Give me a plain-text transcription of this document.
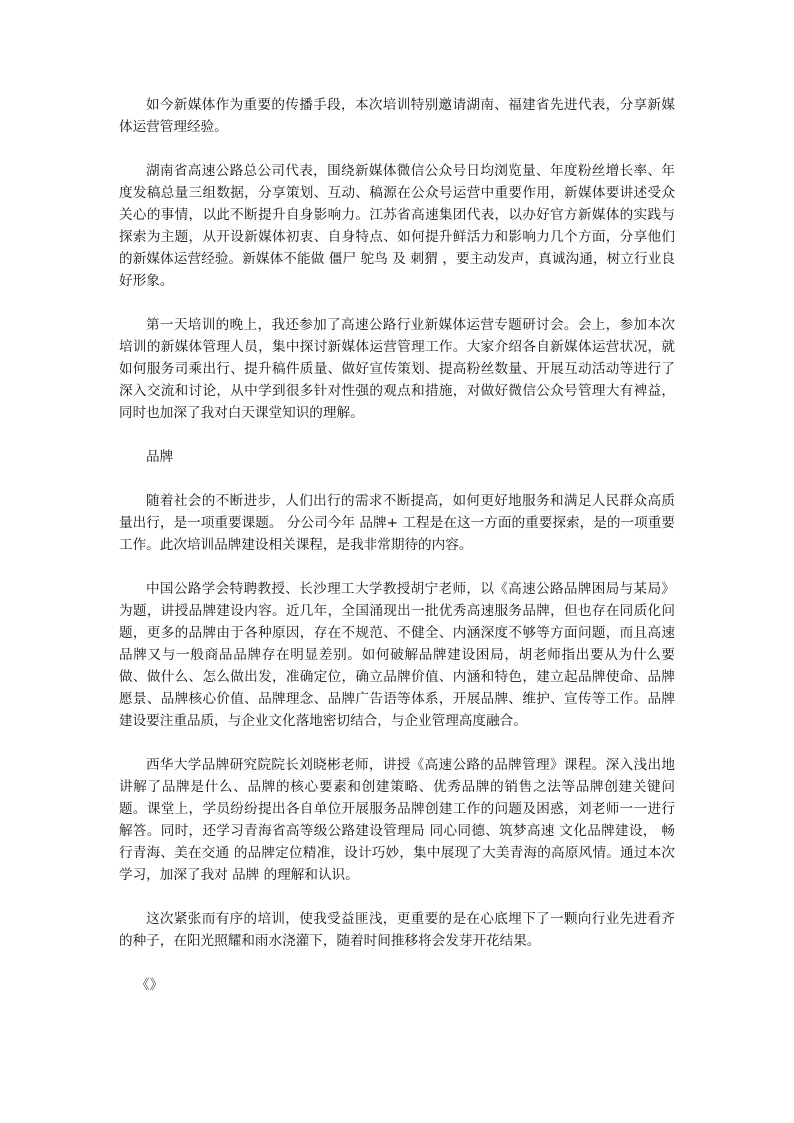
如今新媒体作为重要的传播手段，本次培训特别邀请湖南、福建省先进代表，分享新媒体运营管理经验。

湖南省高速公路总公司代表，围绕新媒体微信公众号日均浏览量、年度粉丝增长率、年度发稿总量三组数据，分享策划、互动、稿源在公众号运营中重要作用，新媒体要讲述受众关心的事情，以此不断提升自身影响力。江苏省高速集团代表，以办好官方新媒体的实践与探索为主题，从开设新媒体初衷、自身特点、如何提升鲜活力和影响力几个方面，分享他们的新媒体运营经验。新媒体不能做 僵尸 鸵鸟 及 刺猬 ，要主动发声，真诚沟通，树立行业良好形象。

第一天培训的晚上，我还参加了高速公路行业新媒体运营专题研讨会。会上，参加本次培训的新媒体管理人员，集中探讨新媒体运营管理工作。大家介绍各自新媒体运营状况，就如何服务司乘出行、提升稿件质量、做好宣传策划、提高粉丝数量、开展互动活动等进行了深入交流和讨论，从中学到很多针对性强的观点和措施，对做好微信公众号管理大有裨益，同时也加深了我对白天课堂知识的理解。

品牌

随着社会的不断进步，人们出行的需求不断提高，如何更好地服务和满足人民群众高质量出行，是一项重要课题。 分公司今年 品牌+ 工程是在这一方面的重要探索，是的一项重要工作。此次培训品牌建设相关课程，是我非常期待的内容。

中国公路学会特聘教授、长沙理工大学教授胡宁老师，以《高速公路品牌困局与某局》为题，讲授品牌建设内容。近几年，全国涌现出一批优秀高速服务品牌，但也存在同质化问题，更多的品牌由于各种原因，存在不规范、不健全、内涵深度不够等方面问题，而且高速品牌又与一般商品品牌存在明显差别。如何破解品牌建设困局，胡老师指出要从为什么要做、做什么、怎么做出发，准确定位，确立品牌价值、内涵和特色，建立起品牌使命、品牌愿景、品牌核心价值、品牌理念、品牌广告语等体系，开展品牌、维护、宣传等工作。品牌建设要注重品质，与企业文化落地密切结合，与企业管理高度融合。

西华大学品牌研究院院长刘晓彬老师，讲授《高速公路的品牌管理》课程。深入浅出地讲解了品牌是什么、品牌的核心要素和创建策略、优秀品牌的销售之法等品牌创建关键问题。课堂上，学员纷纷提出各自单位开展服务品牌创建工作的问题及困惑，刘老师一一进行解答。同时，还学习青海省高等级公路建设管理局 同心同德、筑梦高速 文化品牌建设， 畅行青海、美在交通 的品牌定位精准，设计巧妙，集中展现了大美青海的高原风情。通过本次学习，加深了我对 品牌 的理解和认识。

这次紧张而有序的培训，使我受益匪浅，更重要的是在心底埋下了一颗向行业先进看齐的种子，在阳光照耀和雨水浇灌下，随着时间推移将会发芽开花结果。

《》
